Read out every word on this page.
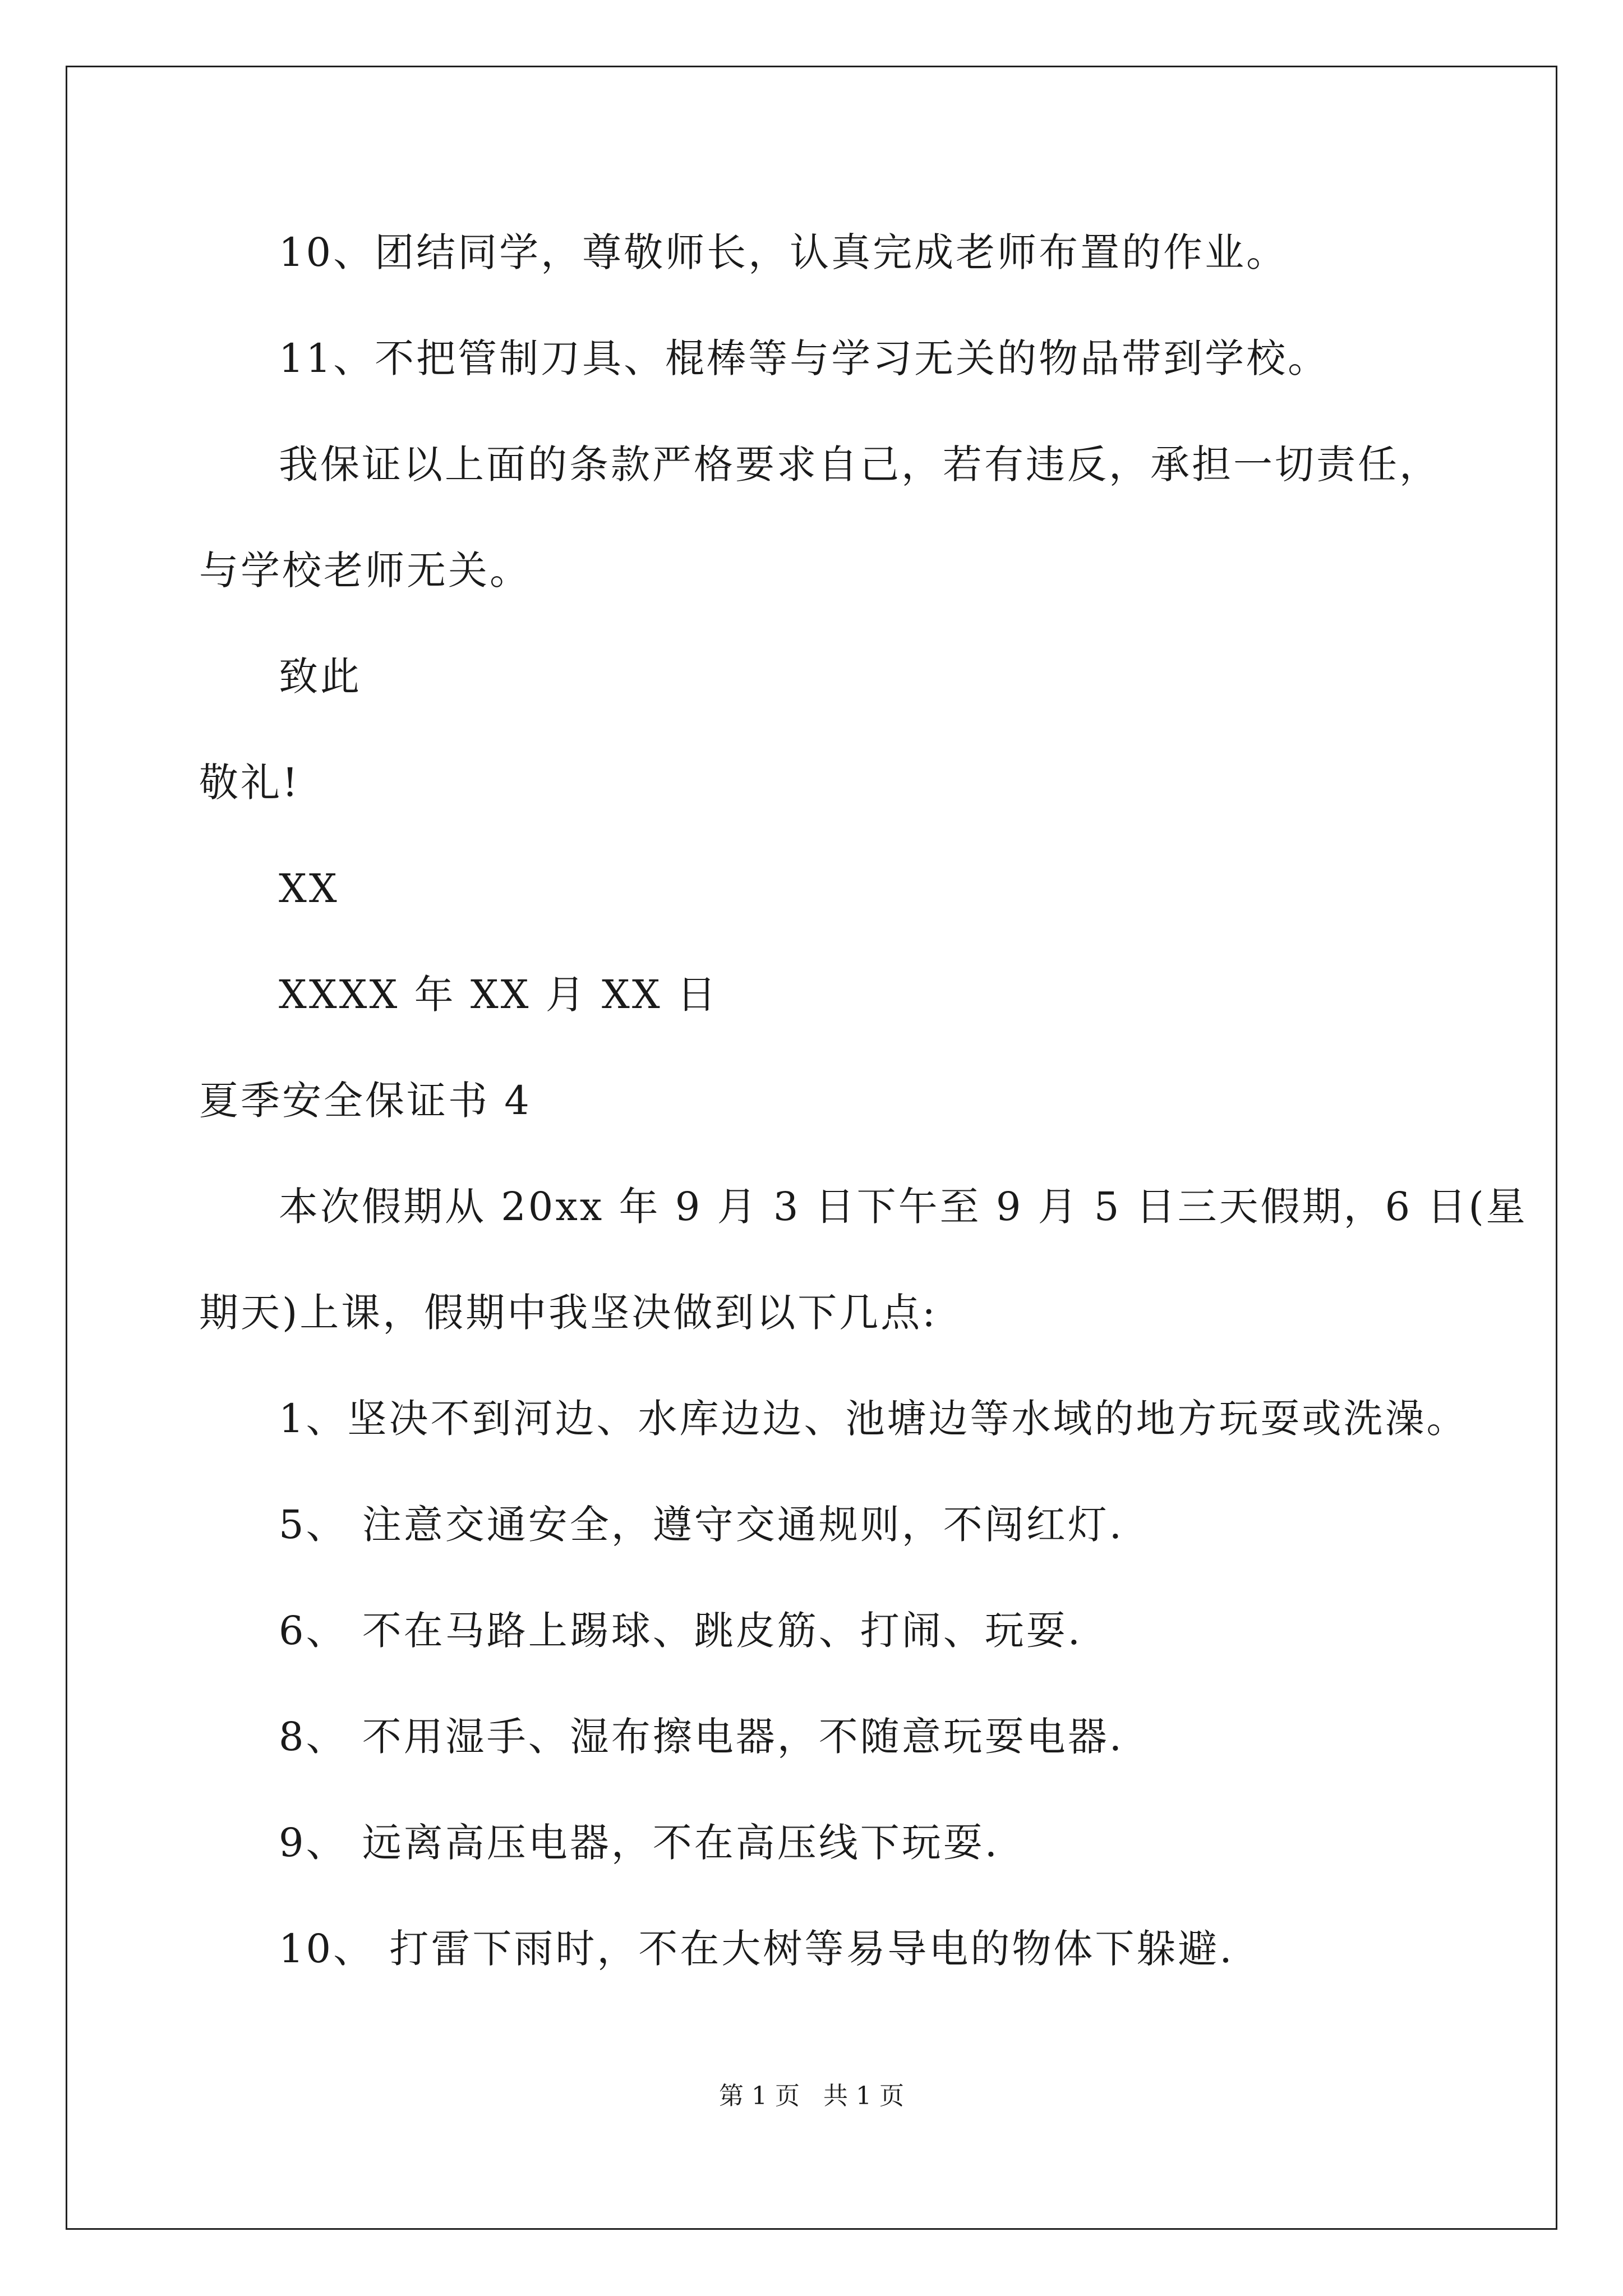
10、团结同学，尊敬师长，认真完成老师布置的作业。
11、不把管制刀具、棍棒等与学习无关的物品带到学校。
我保证以上面的条款严格要求自己，若有违反，承担一切责任，
与学校老师无关。
致此
敬礼!
XX
XXXX 年 XX 月 XX 日
夏季安全保证书 4
本次假期从 20xx 年 9 月 3 日下午至 9 月 5 日三天假期，6 日(星
期天)上课，假期中我坚决做到以下几点:
1、坚决不到河边、水库边边、池塘边等水域的地方玩耍或洗澡。
5、 注意交通安全，遵守交通规则，不闯红灯.
6、 不在马路上踢球、跳皮筋、打闹、玩耍.
8、 不用湿手、湿布擦电器，不随意玩耍电器.
9、 远离高压电器，不在高压线下玩耍.
10、 打雷下雨时，不在大树等易导电的物体下躲避.
第 1 页   共 1 页
